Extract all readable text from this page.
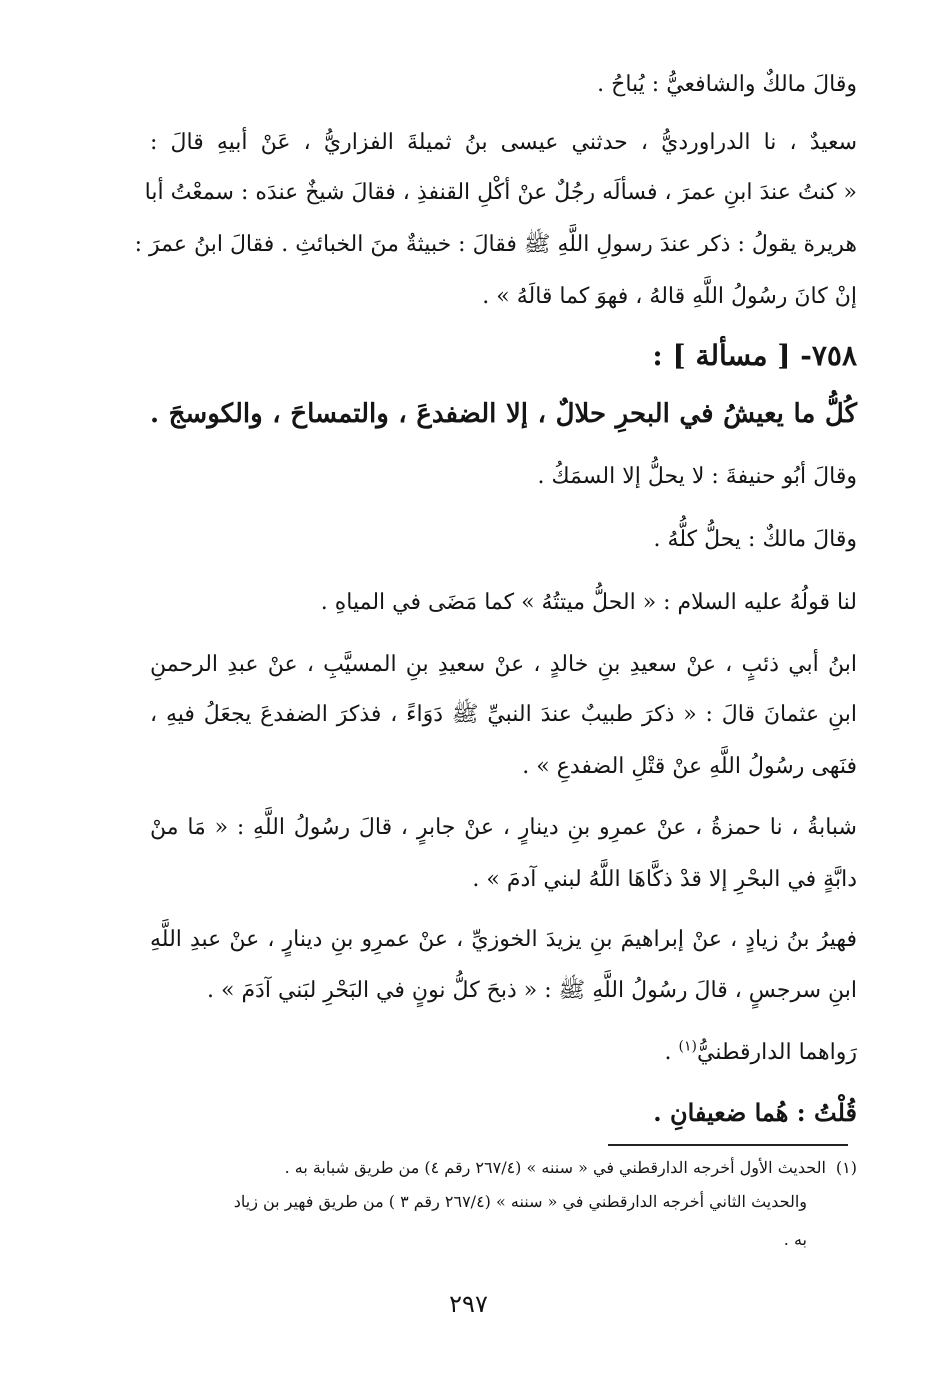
وقالَ مالكٌ والشافعيُّ : يُباحُ .
سعيدٌ ، نا الدراورديُّ ، حدثني عيسى بنُ ثميلةَ الفزاريُّ ، عَنْ أبيهِ قالَ :
« كنتُ عندَ ابنِ عمرَ ، فسألَه رجُلٌ عنْ أكْلِ القنفذِ ، فقالَ شيخٌ عندَه : سمعْتُ أبا
هريرة يقولُ : ذكر عندَ رسولِ اللَّهِ ﷺ فقالَ : خبيثةٌ منَ الخبائثِ . فقالَ ابنُ عمرَ :
إنْ كانَ رسُولُ اللَّهِ قالهُ ، فهوَ كما قالَهُ » .
٧٥٨- [ مسألة ] :
كُلُّ ما يعيشُ في البحرِ حلالٌ ، إلا الضفدعَ ، والتمساحَ ، والكوسجَ .
وقالَ أبُو حنيفةَ : لا يحلُّ إلا السمَكُ .
وقالَ مالكٌ : يحلُّ كلُّهُ .
لنا قولُهُ عليه السلام : « الحلُّ ميتتُهُ » كما مَضَى في المياهِ .
ابنُ أبي ذئبٍ ، عنْ سعيدِ بنِ خالدٍ ، عنْ سعيدِ بنِ المسيَّبِ ، عنْ عبدِ الرحمنِ
ابنِ عثمانَ قالَ : « ذكرَ طبيبٌ عندَ النبيِّ ﷺ دَوَاءً ، فذكرَ الضفدعَ يجعَلُ فيهِ ،
فنَهى رسُولُ اللَّهِ عنْ قتْلِ الضفدعِ » .
شبابةُ ، نا حمزةُ ، عنْ عمرِو بنِ دينارٍ ، عنْ جابرٍ ، قالَ رسُولُ اللَّهِ : « مَا منْ
دابَّةٍ في البحْرِ إلا قدْ ذكَّاهَا اللَّهُ لبني آدمَ » .
فهيرُ بنُ زيادٍ ، عنْ إبراهيمَ بنِ يزيدَ الخوزيِّ ، عنْ عمرِو بنِ دينارٍ ، عنْ عبدِ اللَّهِ
ابنِ سرجسٍ ، قالَ رسُولُ اللَّهِ ﷺ : « ذبحَ كلُّ نونٍ في البَحْرِ لبَني آدَمَ » .
رَواهما الدارقطنيُّ$^{(١)}$ .
قُلْتُ : هُما ضعيفانِ .
(١)الحديث الأول أخرجه الدارقطني في « سننه » (٢٦٧/٤ رقم ٤) من طريق شبابة به .
والحديث الثاني أخرجه الدارقطني في « سننه » (٢٦٧/٤ رقم ٣ ) من طريق فهير بن زياد
به .
٢٩٧
